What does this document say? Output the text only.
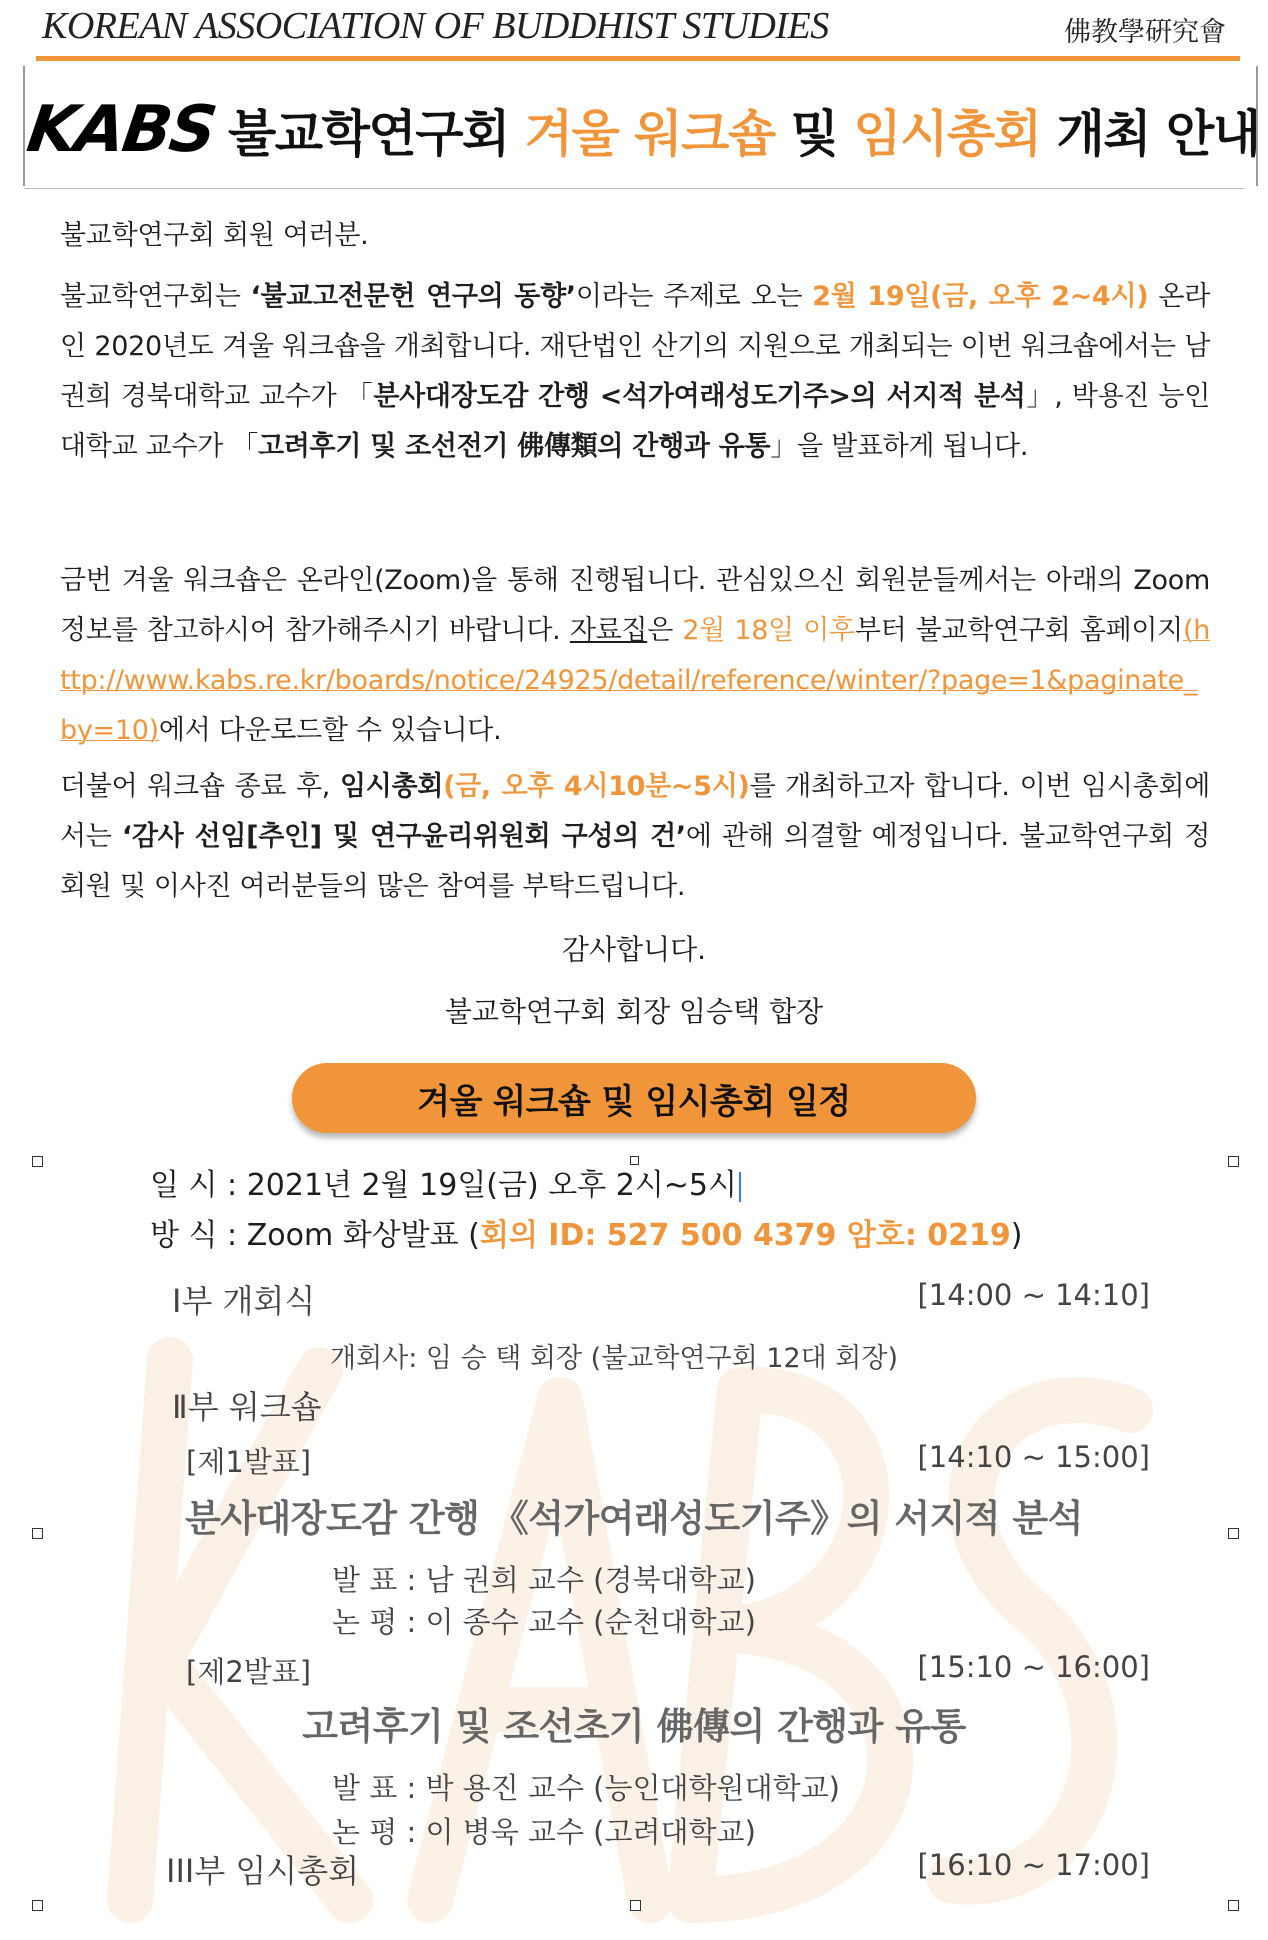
KOREAN ASSOCIATION OF BUDDHIST STUDIES	佛教學硏究會
KABS 불교학연구회 겨울 워크숍 및 임시총회 개최 안내
불교학연구회 회원 여러분.
불교학연구회는 ‘불교고전문헌 연구의 동향’이라는 주제로 오는 2월 19일(금, 오후 2~4시) 온라인 2020년도 겨울 워크숍을 개최합니다. 재단법인 산기의 지원으로 개최되는 이번 워크숍에서는 남권희 경북대학교 교수가 「분사대장도감 간행 <석가여래성도기주>의 서지적 분석」, 박용진 능인대학교 교수가 「고려후기 및 조선전기 佛傳類의 간행과 유통」을 발표하게 됩니다.
금번 겨울 워크숍은 온라인(Zoom)을 통해 진행됩니다. 관심있으신 회원분들께서는 아래의 Zoom 정보를 참고하시어 참가해주시기 바랍니다. 자료집은 2월 18일 이후부터 불교학연구회 홈페이지(http://www.kabs.re.kr/boards/notice/24925/detail/reference/winter/?page=1&paginate_by=10)에서 다운로드할 수 있습니다.
더불어 워크숍 종료 후, 임시총회(금, 오후 4시10분~5시)를 개최하고자 합니다. 이번 임시총회에서는 ‘감사 선임[추인] 및 연구윤리위원회 구성의 건’에 관해 의결할 예정입니다. 불교학연구회 정회원 및 이사진 여러분들의 많은 참여를 부탁드립니다.
감사합니다.
불교학연구회 회장 임승택 합장
겨울 워크숍 및 임시총회 일정
일 시 : 2021년 2월 19일(금) 오후 2시~5시
방 식 : Zoom 화상발표 (회의 ID: 527 500 4379 암호: 0219)
Ⅰ부 개회식	[14:00 ~ 14:10]
개회사: 임 승 택 회장 (불교학연구회 12대 회장)
Ⅱ부 워크숍
[제1발표]	[14:10 ~ 15:00]
분사대장도감 간행 《석가여래성도기주》의 서지적 분석
발 표 : 남 권희 교수 (경북대학교)
논 평 : 이 종수 교수 (순천대학교)
[제2발표]	[15:10 ~ 16:00]
고려후기 및 조선초기 佛傳의 간행과 유통
발 표 : 박 용진 교수 (능인대학원대학교)
논 평 : 이 병욱 교수 (고려대학교)
III부 임시총회	[16:10 ~ 17:00]
